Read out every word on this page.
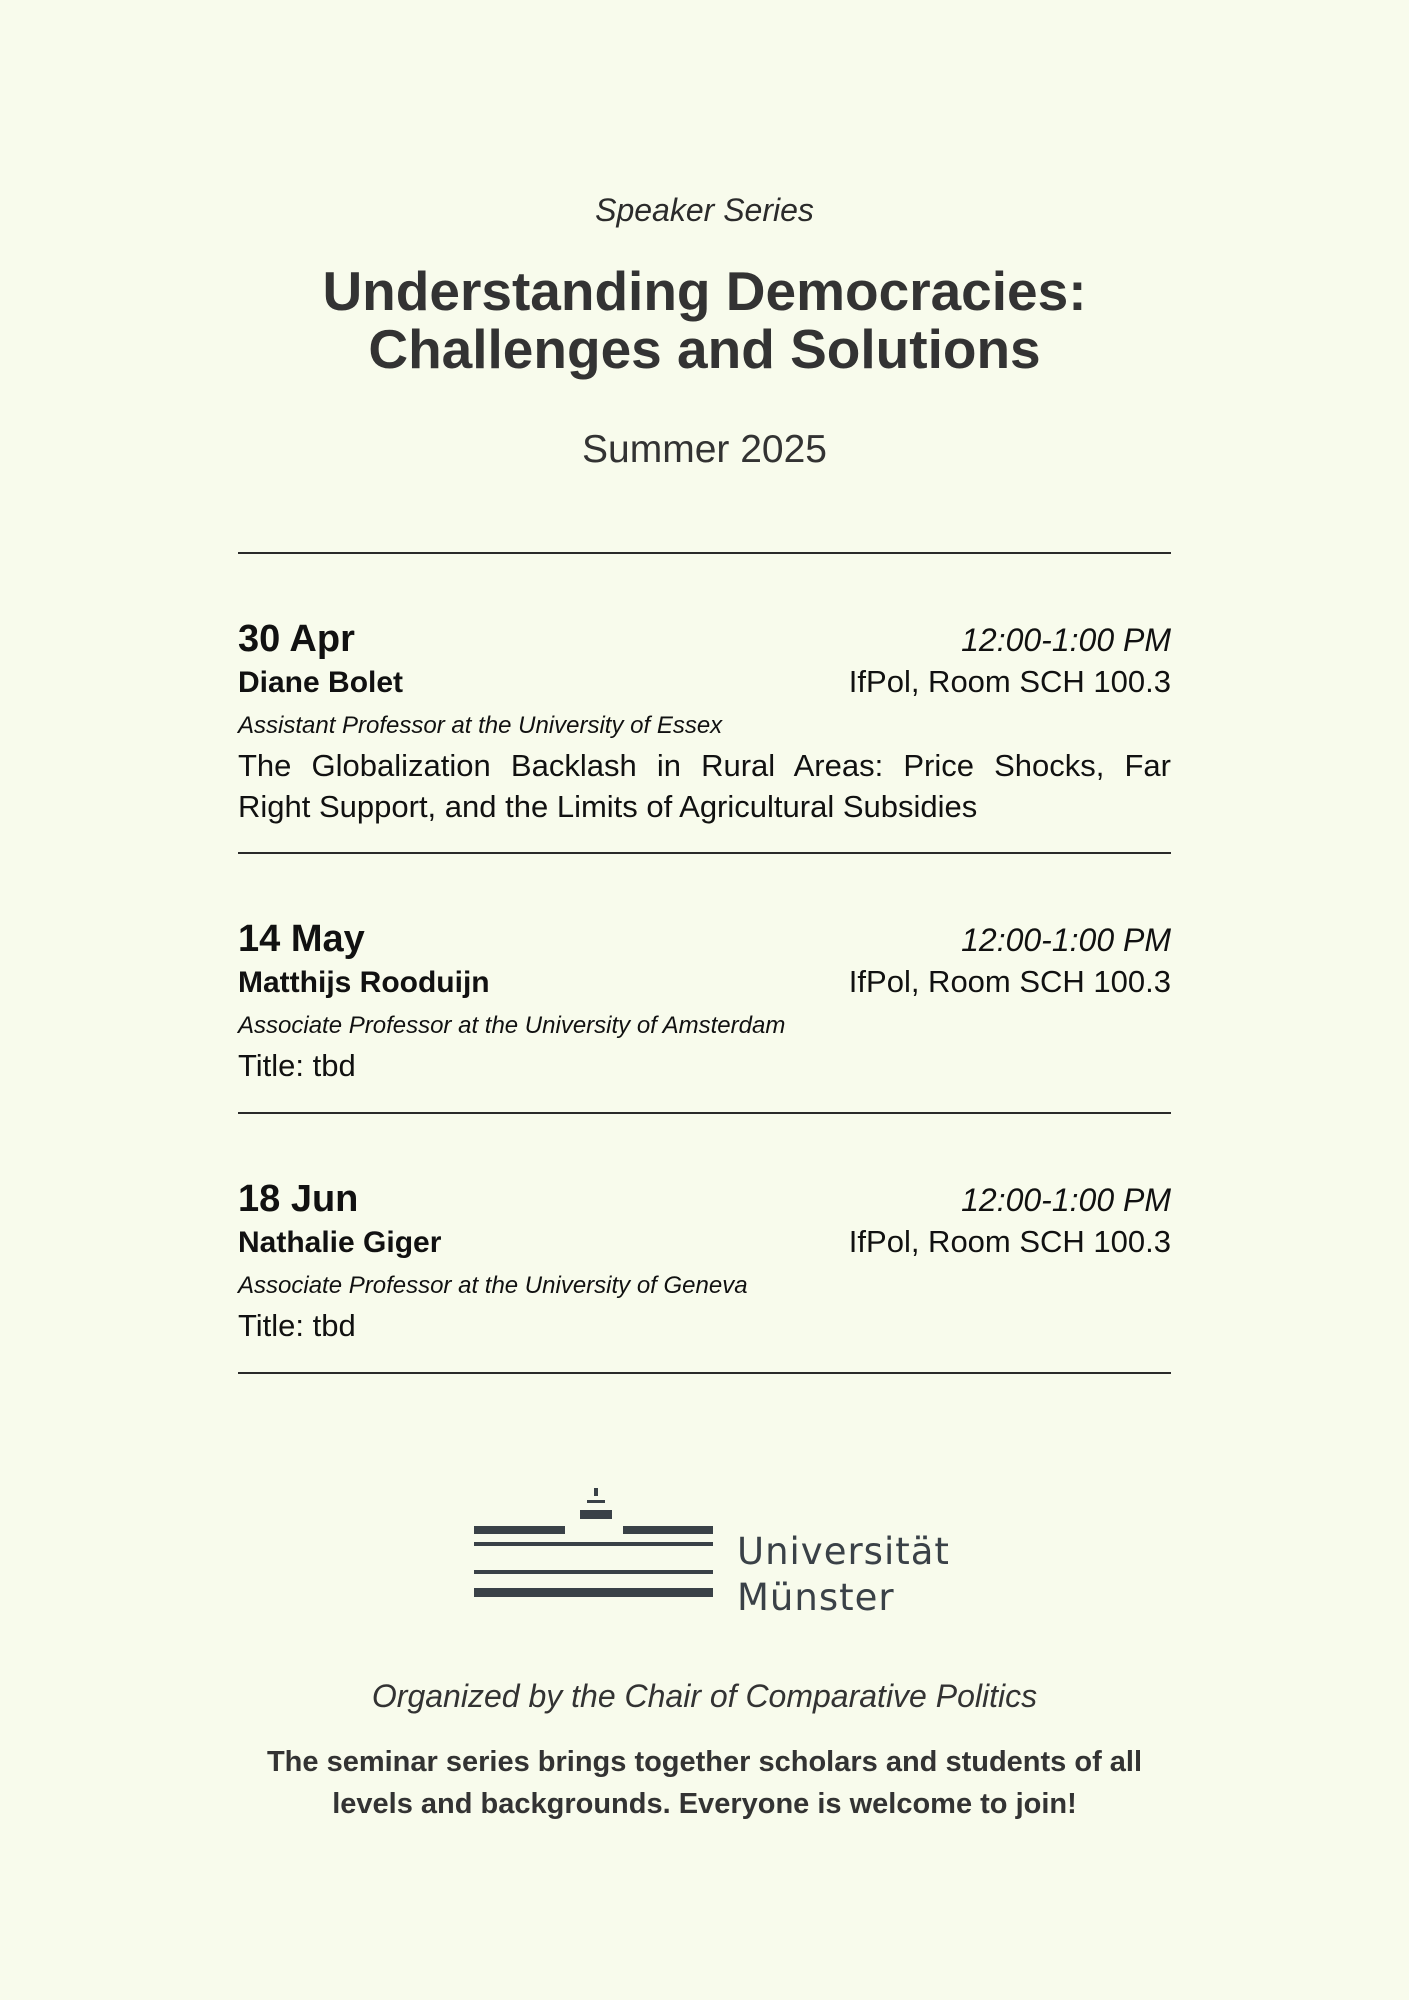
Speaker Series
Understanding Democracies:
Challenges and Solutions
Summer 2025
30 Apr	12:00-1:00 PM
Diane Bolet	IfPol, Room SCH 100.3
Assistant Professor at the University of Essex
The Globalization Backlash in Rural Areas: Price Shocks, Far
Right Support, and the Limits of Agricultural Subsidies
14 May	12:00-1:00 PM
Matthijs Rooduijn	IfPol, Room SCH 100.3
Associate Professor at the University of Amsterdam
Title: tbd
18 Jun	12:00-1:00 PM
Nathalie Giger	IfPol, Room SCH 100.3
Associate Professor at the University of Geneva
Title: tbd
Universität
Münster
Organized by the Chair of Comparative Politics
The seminar series brings together scholars and students of all
levels and backgrounds. Everyone is welcome to join!
